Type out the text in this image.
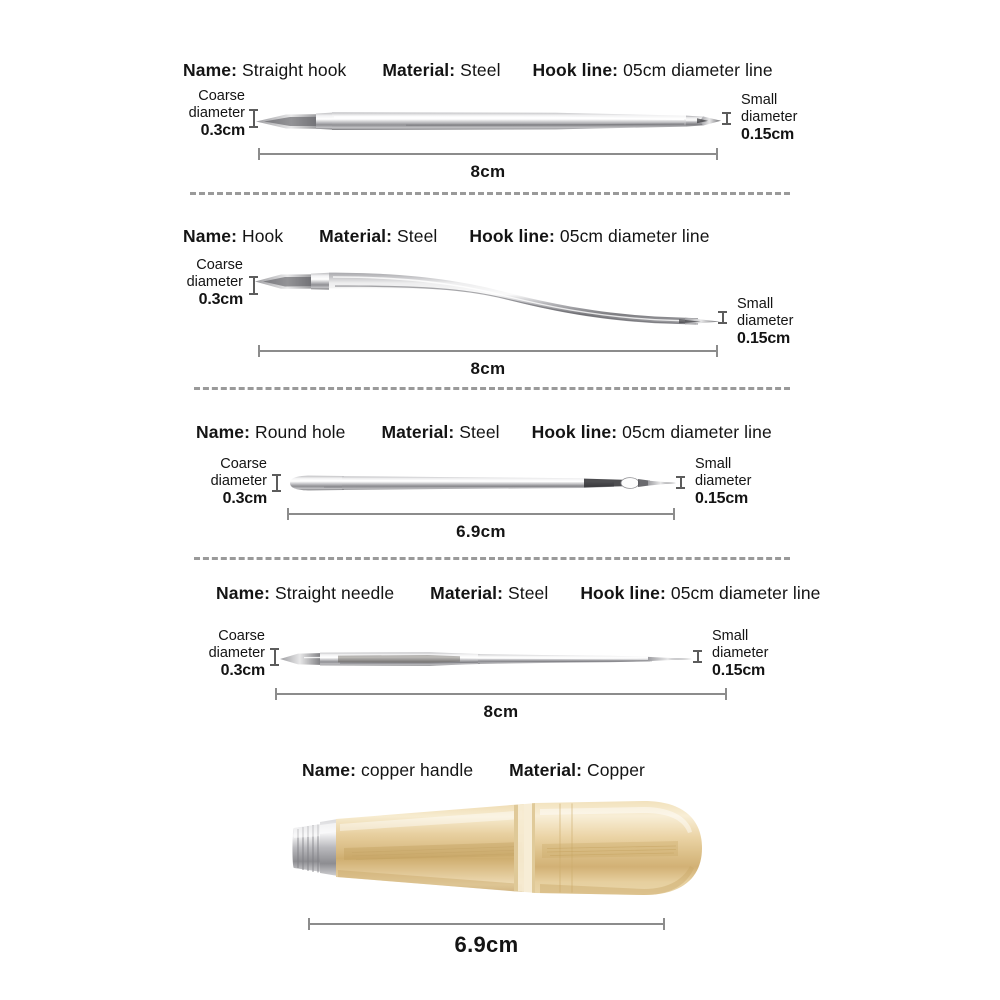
Name: Straight hook Material: Steel Hook line: 05cm diameter line
Coarse
diameter
0.3cm
Small
diameter
0.15cm
8cm
Name: Hook Material: Steel Hook line: 05cm diameter line
Coarse
diameter
0.3cm	Small
diameter
0.15cm
8cm
Name: Round hole Material: Steel Hook line: 05cm diameter line
Coarse
diameter
0.3cm
Small
diameter
0.15cm
6.9cm
Name: Straight needle Material: Steel Hook line: 05cm diameter line
Coarse
diameter
0.3cm
Small
diameter
0.15cm
8cm
Name: copper handle Material: Copper
6.9cm
